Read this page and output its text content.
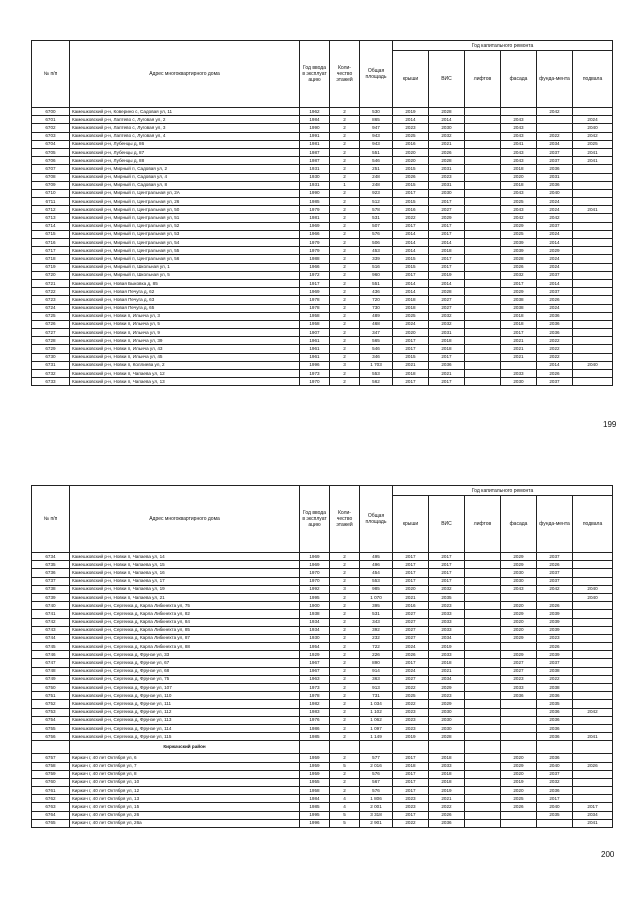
№ п/п	Адрес многоквартирного дома	Год ввода в эксплуат ацию	Коли-чество этажей	Общая площадь	Год капитального ремонта					
					крыши	ВИС	лифтов	фасада	фунда-мента	подвала
6700	Камешковский р-н, Коверино с, Садовая ул, 11	1962	2	530	2019	2028			2042	
6701	Камешковский р-н, Лаптево с, Луговая ул, 2	1984	2	865	2014	2014		2043		2024
6702	Камешковский р-н, Лаптево с, Луговая ул, 3	1990	2	947	2023	2030		2043		2040
6703	Камешковский р-н, Лаптево с, Луговая ул, 4	1991	2	943	2025	2032		2043	2022	2042
6704	Камешковский р-н, Лубенцы д, 86	1981	2	943	2016	2021		2041	2034	2025
6705	Камешковский р-н, Лубенцы д, 87	1987	2	551	2020	2026		2043	2037	2041
6706	Камешковский р-н, Лубенцы д, 88	1987	2	546	2020	2028		2043	2037	2041
6707	Камешковский р-н, Мирный п, Садовая ул, 2	1931	2	251	2015	2031		2018	2036	
6708	Камешковский р-н, Мирный п, Садовая ул, 4	1930	2	248	2026	2023		2020	2031	
6709	Камешковский р-н, Мирный п, Садовая ул, 8	1931	1	248	2015	2031		2018	2036	
6710	Камешковский р-н, Мирный п, Центральная ул, 2А	1990	2	923	2017	2030		2043	2040	
6711	Камешковский р-н, Мирный п, Центральная ул, 26	1985	2	512	2015	2017		2025	2024	
6712	Камешковский р-н, Мирный п, Центральная ул, 50	1979	2	578	2016	2027		2043	2024	2041
6713	Камешковский р-н, Мирный п, Центральная ул, 51	1981	2	531	2022	2029		2042	2042	
6714	Камешковский р-н, Мирный п, Центральная ул, 52	1969	2	507	2017	2017		2029	2037	
6715	Камешковский р-н, Мирный п, Центральная ул, 53	1966	2	576	2014	2017		2025	2024	
6716	Камешковский р-н, Мирный п, Центральная ул, 54	1979	2	506	2014	2014		2039	2014	
6717	Камешковский р-н, Мирный п, Центральная ул, 55	1979	2	453	2014	2018		2039	2029	
6718	Камешковский р-н, Мирный п, Центральная ул, 56	1988	2	339	2015	2017		2028	2024	
6719	Камешковский р-н, Мирный п, Школьная ул, 1	1966	2	516	2015	2017		2026	2024	
6720	Камешковский р-н, Мирный п, Школьная ул, 5	1972	2	960	2017	2019		2032	2037	
6721	Камешковский р-н, Новая Быковка д, 85	1917	2	551	2014	2014		2017	2014	
6722	Камешковский р-н, Новая Печуга д, 62	1969	2	436	2014	2028		2029	2037	
6723	Камешковский р-н, Новая Печуга д, 63	1978	2	720	2018	2027		2038	2026	
6724	Камешковский р-н, Новая Печуга д, 65	1978	2	730	2018	2027		2038	2024	
6725	Камешковский р-н, Новки п, Ильича ул, 3	1958	2	489	2025	2032		2018	2036	
6726	Камешковский р-н, Новки п, Ильича ул, 5	1958	2	468	2024	2032		2018	2036	
6727	Камешковский р-н, Новки п, Ильича ул, 9	1907	2	347	2020	2031		2017	2036	
6728	Камешковский р-н, Новки п, Ильича ул, 39	1961	2	565	2017	2018		2021	2022	
6729	Камешковский р-н, Новки п, Ильича ул, 43	1961	2	546	2017	2018		2021	2022	
6730	Камешковский р-н, Новки п, Ильича ул, 45	1961	2	346	2015	2017		2021	2022	
6731	Камешковский р-н, Новки п, Коллиева ул, 2	1996	3	1 703	2021	2036			2014	2040
6732	Камешковский р-н, Новки п, Чапаева ул, 12	1973	2	553	2018	2021		2033	2026	
6733	Камешковский р-н, Новки п, Чапаева ул, 13	1970	2	562	2017	2017		2030	2037	
199
№ п/п	Адрес многоквартирного дома	Год ввода в эксплуат ацию	Коли-чество этажей	Общая площадь	Год капитального ремонта					
					крыши	ВИС	лифтов	фасада	фунда-мента	подвала
6734	Камешковский р-н, Новки п, Чапаева ул, 14	1969	2	495	2017	2017		2029	2037	
6735	Камешковский р-н, Новки п, Чапаева ул, 15	1969	2	496	2017	2017		2029	2026	
6736	Камешковский р-н, Новки п, Чапаева ул, 16	1970	2	454	2017	2017		2030	2037	
6737	Камешковский р-н, Новки п, Чапаева ул, 17	1970	2	553	2017	2017		2030	2037	
6738	Камешковский р-н, Новки п, Чапаева ул, 19	1992	3	985	2020	2032		2043	2042	2040
6739	Камешковский р-н, Новки п, Чапаева ул, 21	1995	2	1 070	2021	2035				2040
6740	Камешковский р-н, Сергеиха д, Карла Либкнехта ул, 75	1900	2	395	2016	2023		2020	2026	
6741	Камешковский р-н, Сергеиха д, Карла Либкнехта ул, 82	1938	2	531	2027	2033		2029	2039	
6742	Камешковский р-н, Сергеиха д, Карла Либкнехта ул, 84	1934	2	343	2027	2033		2020	2039	
6743	Камешковский р-н, Сергеиха д, Карла Либкнехта ул, 85	1934	2	392	2027	2033		2020	2039	
6744	Камешковский р-н, Сергеиха д, Карла Либкнехта ул, 87	1930	2	232	2027	2034		2029	2023	
6745	Камешковский р-н, Сергеиха д, Карла Либкнехта ул, 88	1954	2	722	2024	2019			2026	
6746	Камешковский р-н, Сергеиха д, Фрунзе ул, 33	1929	2	226	2026	2033		2029	2039	
6747	Камешковский р-н, Сергеиха д, Фрунзе ул, 67	1967	2	890	2017	2018		2027	2037	
6748	Камешковский р-н, Сергеиха д, Фрунзе ул, 68	1967	2	914	2024	2021		2027	2038	
6749	Камешковский р-н, Сергеиха д, Фрунзе ул, 75	1963	2	363	2027	2034		2023	2022	
6750	Камешковский р-н, Сергеиха д, Фрунзе ул, 107	1973	2	913	2022	2029		2033	2038	
6751	Камешковский р-н, Сергеиха д, Фрунзе ул, 110	1978	2	731	2025	2023		2036	2036	
6752	Камешковский р-н, Сергеиха д, Фрунзе ул, 111	1982	2	1 034	2022	2029			2035	
6753	Камешковский р-н, Сергеиха д, Фрунзе ул, 112	1983	2	1 102	2023	2030			2036	2042
6754	Камешковский р-н, Сергеиха д, Фрунзе ул, 113	1976	2	1 062	2023	2030			2036	
6755	Камешковский р-н, Сергеиха д, Фрунзе ул, 114	1986	2	1 097	2023	2030			2036	
6756	Камешковский р-н, Сергеиха д, Фрунзе ул, 115	1985	2	1 149	2019	2028			2036	2041
	Киржачский район									
6757	Киржач г, 40 лет Октября ул, 6	1959	2	577	2017	2018		2020	2036	
6758	Киржач г, 40 лет Октября ул, 7	1959	5	2 016	2018	2033		2029	2040	2026
6759	Киржач г, 40 лет Октября ул, 8	1959	2	576	2017	2018		2020	2037	
6760	Киржач г, 40 лет Октября ул, 10	1955	2	567	2017	2018		2019	2032	
6761	Киржач г, 40 лет Октября ул, 12	1958	2	576	2017	2019		2020	2036	
6762	Киржач г, 40 лет Октября ул, 13	1984	4	1 806	2023	2021		2025	2017	
6763	Киржач г, 40 лет Октября ул, 15	1985	4	2 001	2023	2022		2026	2040	2017
6764	Киржач г, 40 лет Октября ул, 26	1995	5	3 318	2017	2026			2035	2034
6765	Киржач г, 40 лет Октября ул, 26а	1996	5	2 901	2022	2036				2041
200
